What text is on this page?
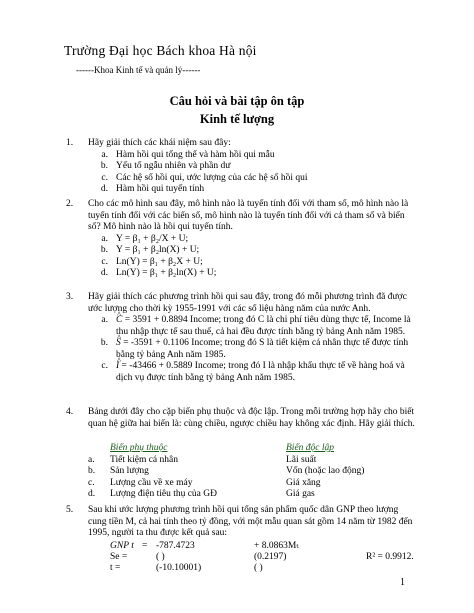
Trường Đại học Bách khoa Hà nội
------Khoa Kinh tế và quản lý------
Câu hỏi và bài tập ôn tập
Kinh tế lượng
1. Hãy giải thích các khái niệm sau đây:
a. Hàm hồi qui tổng thể và hàm hồi qui mẫu
b. Yếu tố ngẫu nhiên và phần dư
c. Các hệ số hồi qui, ước lượng của các hệ số hồi qui
d. Hàm hồi qui tuyến tính
2. Cho các mô hình sau đây, mô hình nào là tuyến tính đối với tham số, mô hình nào là tuyến tính đối với các biến số, mô hình nào là tuyến tính đối với cả tham số và biến số? Mô hình nào là hồi qui tuyến tính.
a. Y = β₁ + β₂/X + U;
b. Y = β₁ + β₂ln(X) + U;
c. Ln(Y) = β₁ + β₂X + U;
d. Ln(Y) = β₁ + β₂ln(X) + U;
3. Hãy giải thích các phương trình hồi qui sau đây, trong đó mỗi phương trình đã được ước lượng cho thời kỳ 1955-1991 với các số liệu hàng năm của nước Anh.
a. ^ C = 3591 + 0.8894 Income; trong đó C là chi phí tiêu dùng thực tế, Income là thu nhập thực tế sau thuế, cả hai đều được tính bằng tỷ bảng Anh năm 1985.
b. ^ S = -3591 + 0.1106 Income; trong đó S là tiết kiệm cá nhân thực tế được tính bằng tỷ bảng Anh năm 1985.
c. ^ I = -43466 + 0.5889 Income; trong đó I là nhập khẩu thực tế về hàng hoá và dịch vụ được tính bằng tỷ bảng Anh năm 1985.
4. Bảng dưới đây cho cặp biến phụ thuộc và độc lập. Trong mỗi trường hợp hãy cho biết quan hệ giữa hai biến là: cùng chiều, ngược chiều hay không xác định. Hãy giải thích.
Biến phụ thuộc	Biến độc lập
a.	Tiết kiệm cá nhân	Lãi suất
b.	Sản lượng	Vốn (hoặc lao động)
c.	Lượng cầu về xe máy	Giá xăng
d.	Lượng điện tiêu thụ của GĐ	Giá gas
5. Sau khi ước lượng phương trình hồi qui tổng sản phẩm quốc dân GNP theo lượng cung tiền M, cả hai tính theo tỷ đồng, với một mẫu quan sát gồm 14 năm từ 1982 đến 1995, người ta thu được kết quả sau:
GNP t = -787.4723	+ 8.0863Mₜ
Se =	( )	(0.2197)	R² = 0.9912.
t =	(-10.10001)	( )
1
